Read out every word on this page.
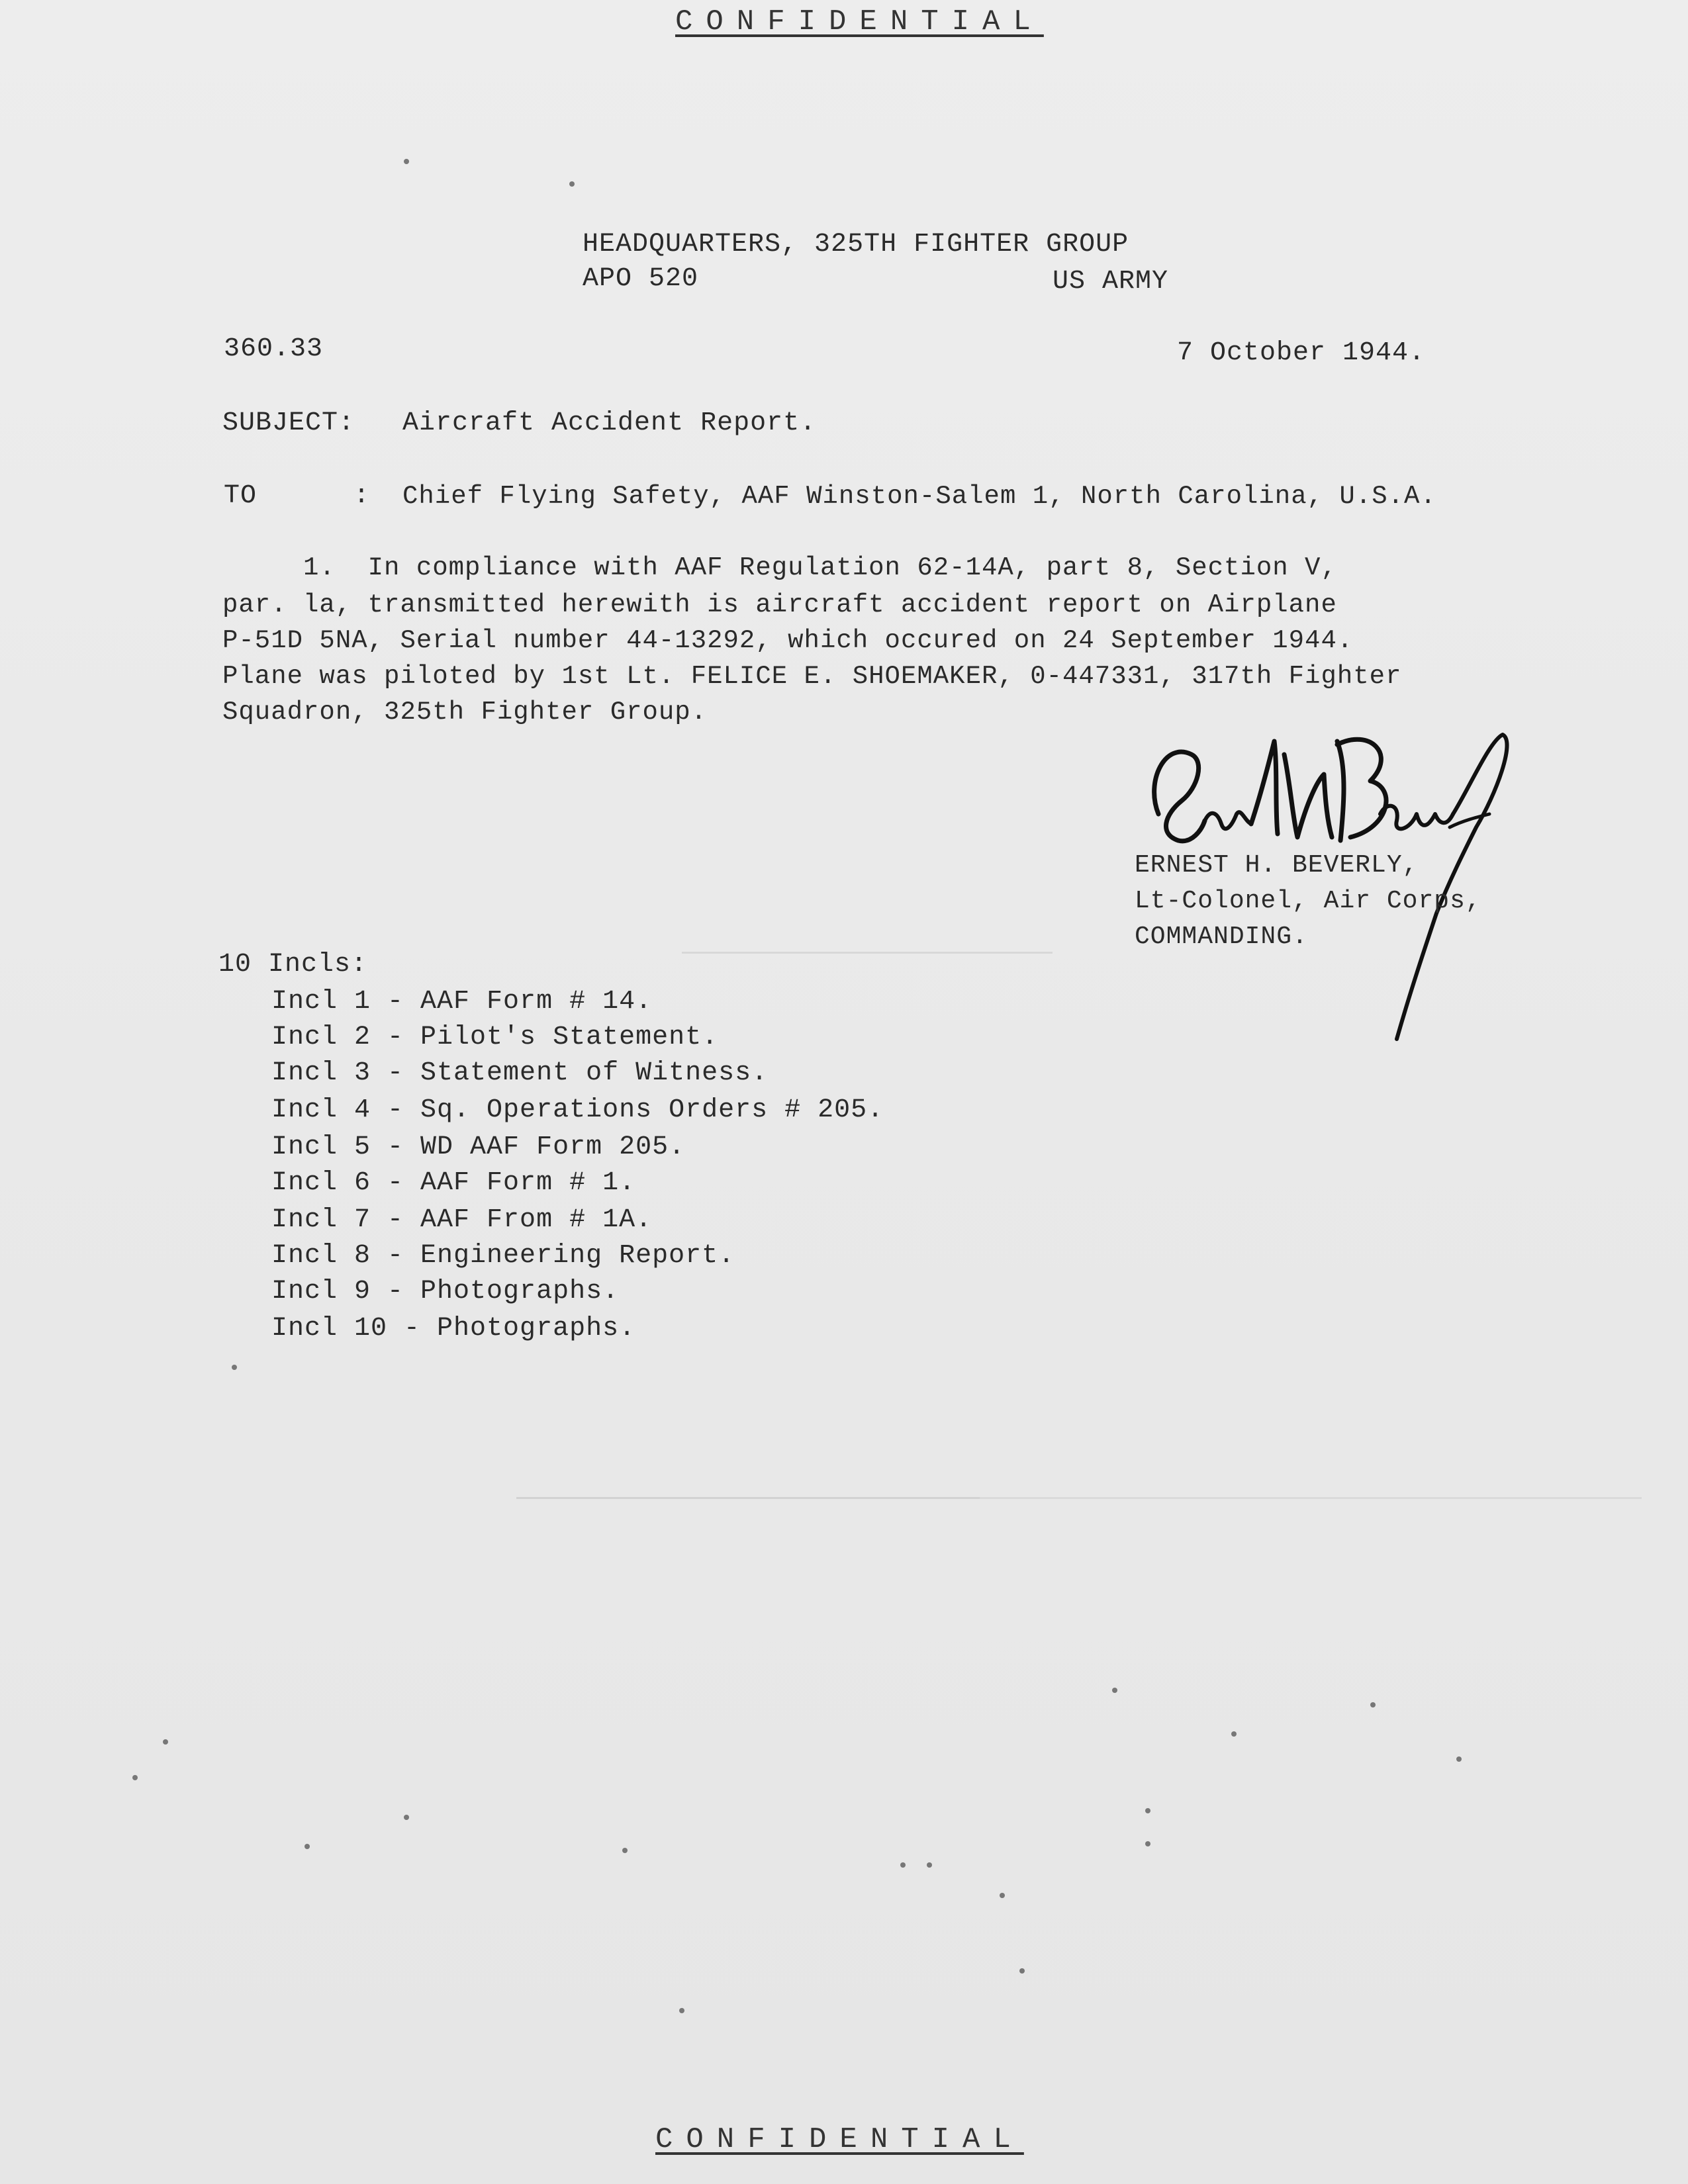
CONFIDENTIAL
HEADQUARTERS, 325TH FIGHTER GROUP
APO 520	US ARMY
360.33	7 October 1944.
SUBJECT: Aircraft Accident Report.
TO	: Chief Flying Safety, AAF Winston-Salem 1, North Carolina, U.S.A.
1.  In compliance with AAF Regulation 62-14A, part 8, Section V,
par. la, transmitted herewith is aircraft accident report on Airplane
P-51D 5NA, Serial number 44-13292, which occured on 24 September 1944.
Plane was piloted by 1st Lt. FELICE E. SHOEMAKER, 0-447331, 317th Fighter
Squadron, 325th Fighter Group.
ERNEST H. BEVERLY,
Lt-Colonel, Air Corps,
COMMANDING.
10 Incls:
Incl 1 - AAF Form # 14.
Incl 2 - Pilot's Statement.
Incl 3 - Statement of Witness.
Incl 4 - Sq. Operations Orders # 205.
Incl 5 - WD AAF Form 205.
Incl 6 - AAF Form # 1.
Incl 7 - AAF From # 1A.
Incl 8 - Engineering Report.
Incl 9 - Photographs.
Incl 10 - Photographs.
CONFIDENTIAL
